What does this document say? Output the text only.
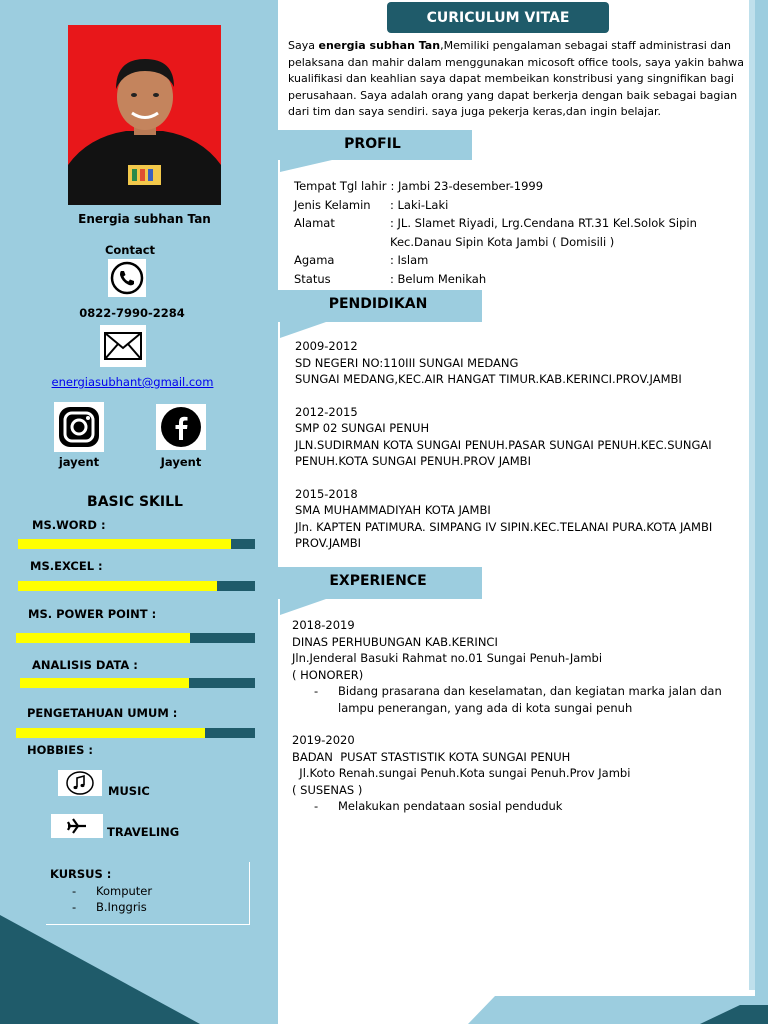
Energia subhan Tan
Contact
0822-7990-2284
energiasubhant@gmail.com
jayent	Jayent
BASIC SKILL
MS.WORD :
MS.EXCEL :
MS. POWER POINT :
ANALISIS DATA :
PENGETAHUAN UMUM :
HOBBIES :
MUSIC
TRAVELING
KURSUS :
- Komputer
- B.Inggris
CURICULUM VITAE
Saya energia subhan Tan,Memiliki pengalaman sebagai staff administrasi dan pelaksana dan mahir dalam menggunakan micosoft office tools, saya yakin bahwa kualifikasi dan keahlian saya dapat membeikan konstribusi yang singnifikan bagi perusahaan. Saya adalah orang yang dapat berkerja dengan baik sebagai bagian dari tim dan saya sendiri. saya juga pekerja keras,dan ingin belajar.
PROFIL
Tempat Tgl lahir : Jambi 23-desember-1999
Jenis Kelamin	: Laki-Laki
Alamat	: JL. Slamet Riyadi, Lrg.Cendana RT.31 Kel.Solok Sipin
Kec.Danau Sipin Kota Jambi ( Domisili )
Agama	: Islam
Status	: Belum Menikah
PENDIDIKAN
2009-2012
SD NEGERI NO:110III SUNGAI MEDANG
SUNGAI MEDANG,KEC.AIR HANGAT TIMUR.KAB.KERINCI.PROV.JAMBI
2012-2015
SMP 02 SUNGAI PENUH
JLN.SUDIRMAN KOTA SUNGAI PENUH.PASAR SUNGAI PENUH.KEC.SUNGAI
PENUH.KOTA SUNGAI PENUH.PROV JAMBI
2015-2018
SMA MUHAMMADIYAH KOTA JAMBI
Jln. KAPTEN PATIMURA. SIMPANG IV SIPIN.KEC.TELANAI PURA.KOTA JAMBI
PROV.JAMBI
EXPERIENCE
2018-2019
DINAS PERHUBUNGAN KAB.KERINCI
Jln.Jenderal Basuki Rahmat no.01 Sungai Penuh-Jambi
( HONORER)
-	Bidang prasarana dan keselamatan, dan kegiatan marka jalan dan
lampu penerangan, yang ada di kota sungai penuh
2019-2020
BADAN  PUSAT STASTISTIK KOTA SUNGAI PENUH
Jl.Koto Renah.sungai Penuh.Kota sungai Penuh.Prov Jambi
( SUSENAS )
-	Melakukan pendataan sosial penduduk
